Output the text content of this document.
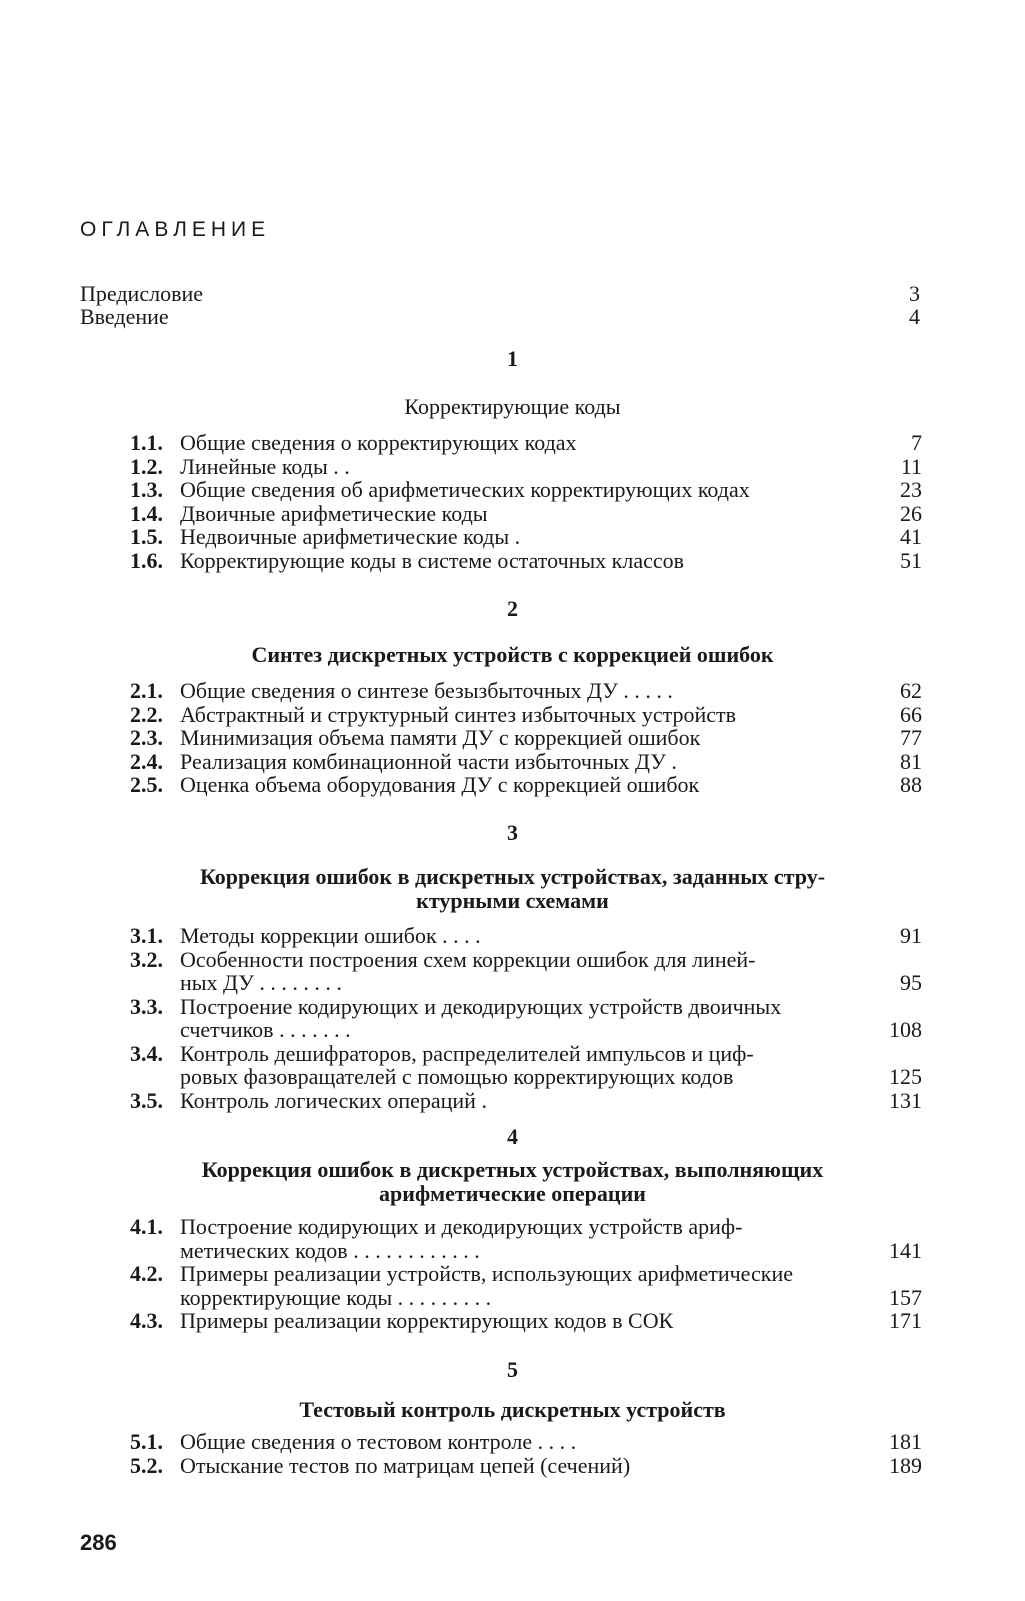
ОГЛАВЛЕНИЕ
Предисловие	3
Введение	4
1
Корректирующие коды
1.1. Общие сведения о корректирующих кодах	7
1.2. Линейные коды . .	11
1.3. Общие сведения об арифметических корректирующих кодах	23
1.4. Двоичные арифметические коды	26
1.5. Недвоичные арифметические коды .	41
1.6. Корректирующие коды в системе остаточных классов	51
2
Синтез дискретных устройств с коррекцией ошибок
2.1. Общие сведения о синтезе безызбыточных ДУ . . . . .	62
2.2. Абстрактный и структурный синтез избыточных устройств	66
2.3. Минимизация объема памяти ДУ с коррекцией ошибок	77
2.4. Реализация комбинационной части избыточных ДУ .	81
2.5. Оценка объема оборудования ДУ с коррекцией ошибок	88
3
Коррекция ошибок в дискретных устройствах, заданных стру-
ктурными схемами
3.1. Методы коррекции ошибок . . . .	91
3.2. Особенности построения схем коррекции ошибок для линей-
ных ДУ . . . . . . . .	95
3.3. Построение кодирующих и декодирующих устройств двоичных
счетчиков . . . . . . .	108
3.4. Контроль дешифраторов, распределителей импульсов и циф-
ровых фазовращателей с помощью корректирующих кодов	125
3.5. Контроль логических операций .	131
4
Коррекция ошибок в дискретных устройствах, выполняющих
арифметические операции
4.1. Построение кодирующих и декодирующих устройств ариф-
метических кодов . . . . . . . . . . . .	141
4.2. Примеры реализации устройств, использующих арифметические
корректирующие коды . . . . . . . . .	157
4.3. Примеры реализации корректирующих кодов в СОК	171
5
Тестовый контроль дискретных устройств
5.1. Общие сведения о тестовом контроле . . . .	181
5.2. Отыскание тестов по матрицам цепей (сечений)	189
286
